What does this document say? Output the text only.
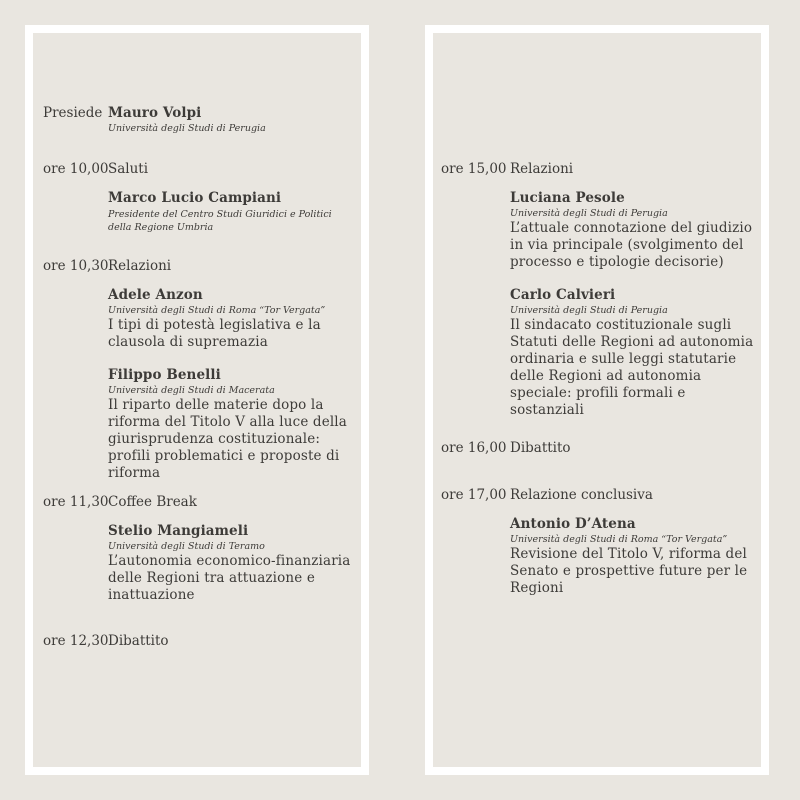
Presiede Mauro Volpi
Università degli Studi di Perugia
ore 10,00 Saluti
Marco Lucio Campiani
Presidente del Centro Studi Giuridici e Politici della Regione Umbria
ore 10,30 Relazioni
Adele Anzon
Università degli Studi di Roma “Tor Vergata”
I tipi di potestà legislativa e la clausola di supremazia
Filippo Benelli
Università degli Studi di Macerata
Il riparto delle materie dopo la riforma del Titolo V alla luce della giurisprudenza costituzionale: profili problematici e proposte di riforma
ore 11,30 Coffee Break
Stelio Mangiameli
Università degli Studi di Teramo
L’autonomia economico-finanziaria delle Regioni tra attuazione e inattuazione
ore 12,30 Dibattito
ore 15,00 Relazioni
Luciana Pesole
Università degli Studi di Perugia
L’attuale connotazione del giudizio in via principale (svolgimento del processo e tipologie decisorie)
Carlo Calvieri
Università degli Studi di Perugia
Il sindacato costituzionale sugli Statuti delle Regioni ad autonomia ordinaria e sulle leggi statutarie delle Regioni ad autonomia speciale: profili formali e sostanziali
ore 16,00 Dibattito
ore 17,00 Relazione conclusiva
Antonio D’Atena
Università degli Studi di Roma “Tor Vergata”
Revisione del Titolo V, riforma del Senato e prospettive future per le Regioni
